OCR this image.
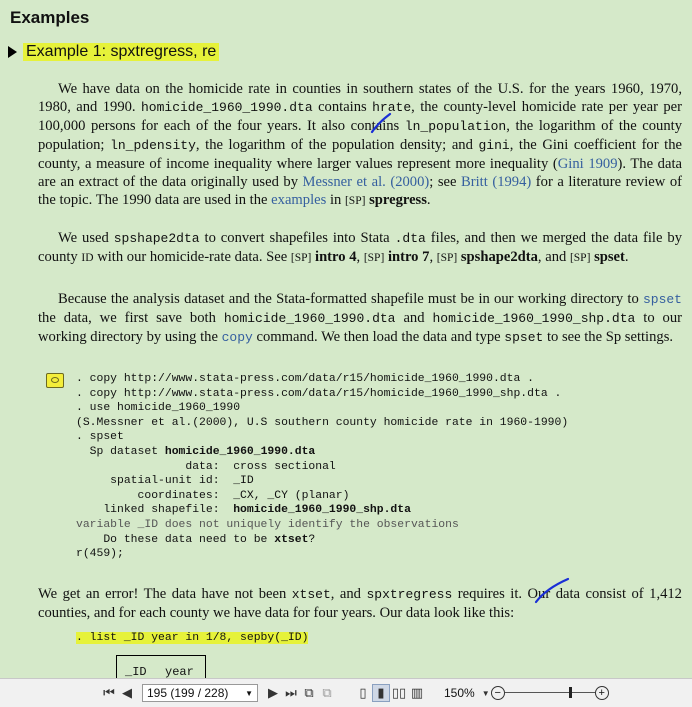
Examples
Example 1: spxtregress, re

We have data on the homicide rate in counties in southern states of the U.S. for the years 1960, 1970, 1980, and 1990. homicide_1960_1990.dta contains hrate, the county-level homicide rate per year per 100,000 persons for each of the four years. It also contains ln_population, the logarithm of the county population; ln_pdensity, the logarithm of the population density; and gini, the Gini coefficient for the county, a measure of income inequality where larger values represent more inequality (Gini 1909). The data are an extract of the data originally used by Messner et al. (2000); see Britt (1994) for a literature review of the topic. The 1990 data are used in the examples in [SP] spregress.

We used spshape2dta to convert shapefiles into Stata .dta files, and then we merged the data file by county ID with our homicide-rate data. See [SP] intro 4, [SP] intro 7, [SP] spshape2dta, and [SP] spset.

Because the analysis dataset and the Stata-formatted shapefile must be in our working directory to spset the data, we first save both homicide_1960_1990.dta and homicide_1960_1990_shp.dta to our working directory by using the copy command. We then load the data and type spset to see the Sp settings.

. copy http://www.stata-press.com/data/r15/homicide_1960_1990.dta .
. copy http://www.stata-press.com/data/r15/homicide_1960_1990_shp.dta .
. use homicide_1960_1990
(S.Messner et al.(2000), U.S southern county homicide rate in 1960-1990)
. spset
Sp dataset homicide_1960_1990.dta
data:  cross sectional
spatial-unit id:  _ID
coordinates:  _CX, _CY (planar)
linked shapefile:  homicide_1960_1990_shp.dta
variable _ID does not uniquely identify the observations
Do these data need to be xtset?
r(459);

We get an error! The data have not been xtset, and spxtregress requires it. Our data consist of 1,412 counties, and for each county we have data for four years. Our data look like this:

. list _ID year in 1/8, sepby(_ID)
_ID year
⏮ ◀	195 (199 / 228) ▼	▶ ⏭ ⧉ ⧉	▯ ▮ ▯▯ ▥ 150% ▼ −	+
